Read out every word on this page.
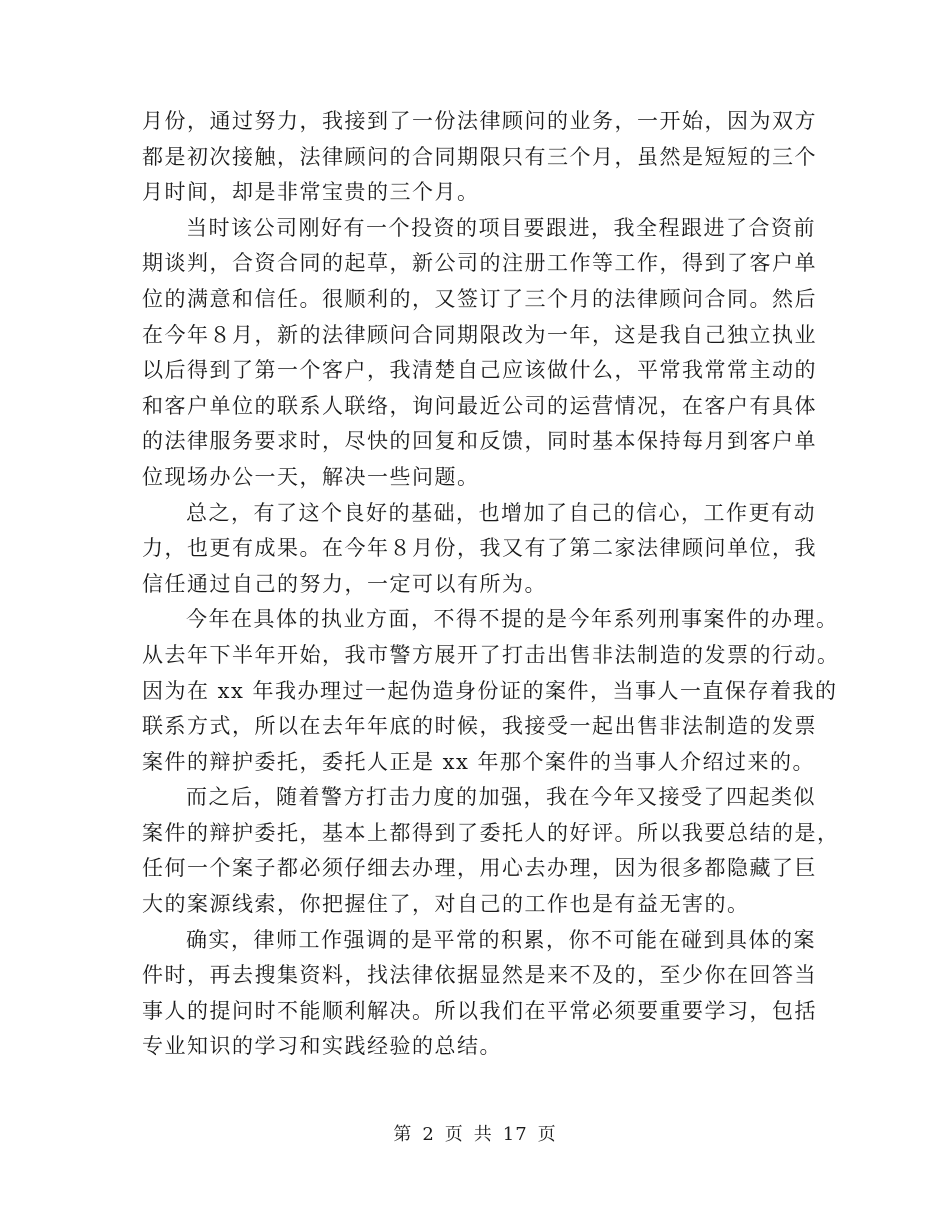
月份，通过努力，我接到了一份法律顾问的业务，一开始，因为双方
都是初次接触，法律顾问的合同期限只有三个月，虽然是短短的三个
月时间，却是非常宝贵的三个月。
当时该公司刚好有一个投资的项目要跟进，我全程跟进了合资前
期谈判，合资合同的起草，新公司的注册工作等工作，得到了客户单
位的满意和信任。很顺利的，又签订了三个月的法律顾问合同。然后
在今年８月，新的法律顾问合同期限改为一年，这是我自己独立执业
以后得到了第一个客户，我清楚自己应该做什么，平常我常常主动的
和客户单位的联系人联络，询问最近公司的运营情况，在客户有具体
的法律服务要求时，尽快的回复和反馈，同时基本保持每月到客户单
位现场办公一天，解决一些问题。
总之，有了这个良好的基础，也增加了自己的信心，工作更有动
力，也更有成果。在今年８月份，我又有了第二家法律顾问单位，我
信任通过自己的努力，一定可以有所为。
今年在具体的执业方面，不得不提的是今年系列刑事案件的办理。
从去年下半年开始，我市警方展开了打击出售非法制造的发票的行动。
因为在 xx 年我办理过一起伪造身份证的案件，当事人一直保存着我的
联系方式，所以在去年年底的时候，我接受一起出售非法制造的发票
案件的辩护委托，委托人正是 xx 年那个案件的当事人介绍过来的。
而之后，随着警方打击力度的加强，我在今年又接受了四起类似
案件的辩护委托，基本上都得到了委托人的好评。所以我要总结的是，
任何一个案子都必须仔细去办理，用心去办理，因为很多都隐藏了巨
大的案源线索，你把握住了，对自己的工作也是有益无害的。
确实，律师工作强调的是平常的积累，你不可能在碰到具体的案
件时，再去搜集资料，找法律依据显然是来不及的，至少你在回答当
事人的提问时不能顺利解决。所以我们在平常必须要重要学习，包括
专业知识的学习和实践经验的总结。
第 2 页 共 17 页
